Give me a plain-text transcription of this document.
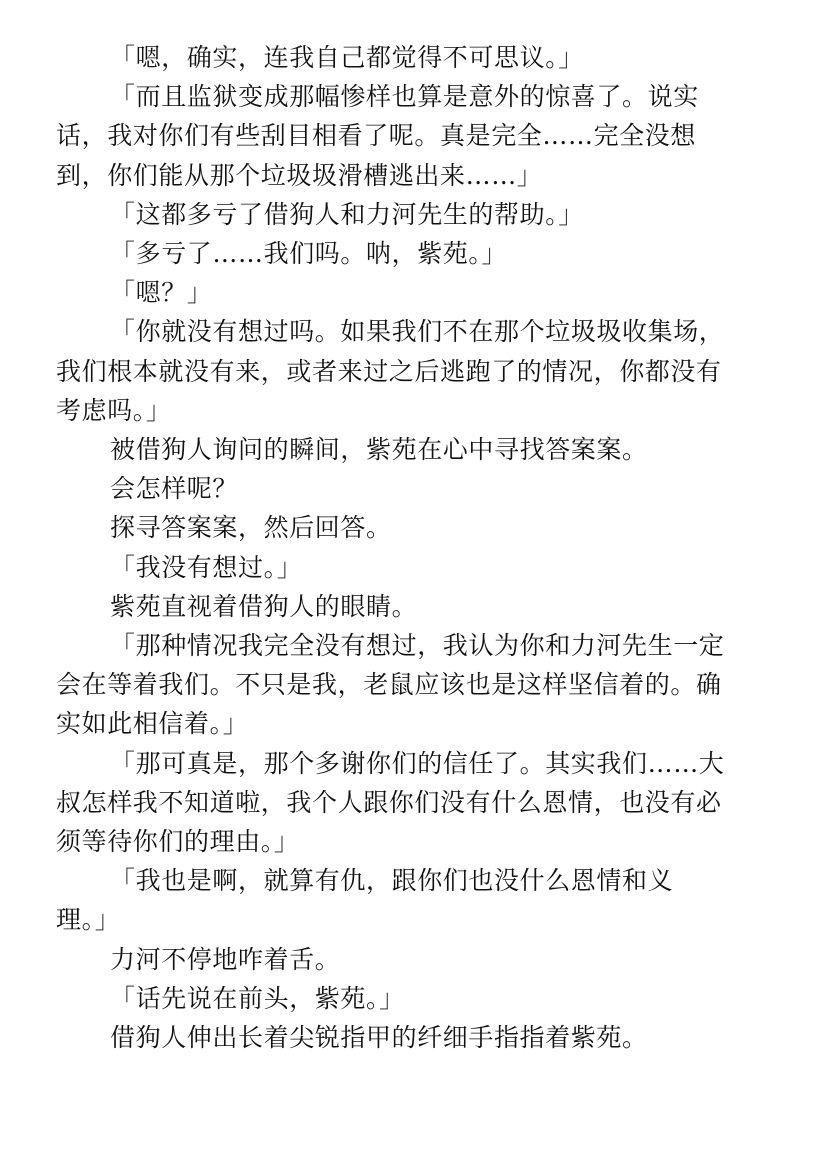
「嗯，确实，连我自己都觉得不可思议。」
「而且监狱变成那幅惨样也算是意外的惊喜了。说实
话，我对你们有些刮目相看了呢。真是完全……完全没想
到，你们能从那个垃圾圾滑槽逃出来……」
「这都多亏了借狗人和力河先生的帮助。」
「多亏了……我们吗。呐，紫苑。」
「嗯？」
「你就没有想过吗。如果我们不在那个垃圾圾收集场，
我们根本就没有来，或者来过之后逃跑了的情况，你都没有
考虑吗。」
被借狗人询问的瞬间，紫苑在心中寻找答案案。
会怎样呢？
探寻答案案，然后回答。
「我没有想过。」
紫苑直视着借狗人的眼睛。
「那种情况我完全没有想过，我认为你和力河先生一定
会在等着我们。不只是我，老鼠应该也是这样坚信着的。确
实如此相信着。」
「那可真是，那个多谢你们的信任了。其实我们……大
叔怎样我不知道啦，我个人跟你们没有什么恩情，也没有必
须等待你们的理由。」
「我也是啊，就算有仇，跟你们也没什么恩情和义
理。」
力河不停地咋着舌。
「话先说在前头，紫苑。」
借狗人伸出长着尖锐指甲的纤细手指指着紫苑。
